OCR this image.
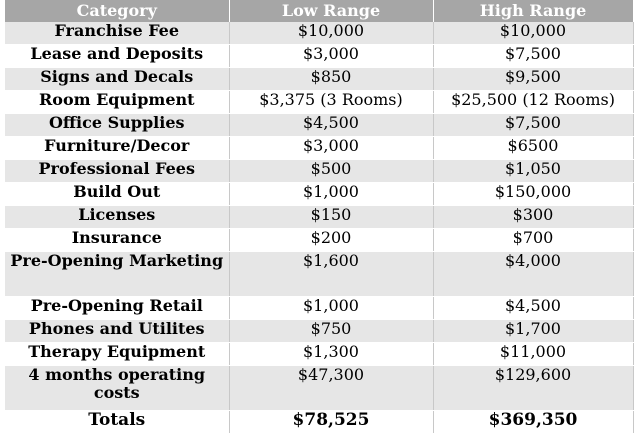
Category	Low Range	High Range
Franchise Fee	$10,000	$10,000
Lease and Deposits	$3,000	$7,500
Signs and Decals	$850	$9,500
Room Equipment	$3,375 (3 Rooms)	$25,500 (12 Rooms)
Office Supplies	$4,500	$7,500
Furniture/Decor	$3,000	$6500
Professional Fees	$500	$1,050
Build Out	$1,000	$150,000
Licenses	$150	$300
Insurance	$200	$700
Pre-Opening Marketing	$1,600	$4,000
Pre-Opening Retail	$1,000	$4,500
Phones and Utilites	$750	$1,700
Therapy Equipment	$1,300	$11,000
4 months operating costs	$47,300	$129,600
Totals	$78,525	$369,350
